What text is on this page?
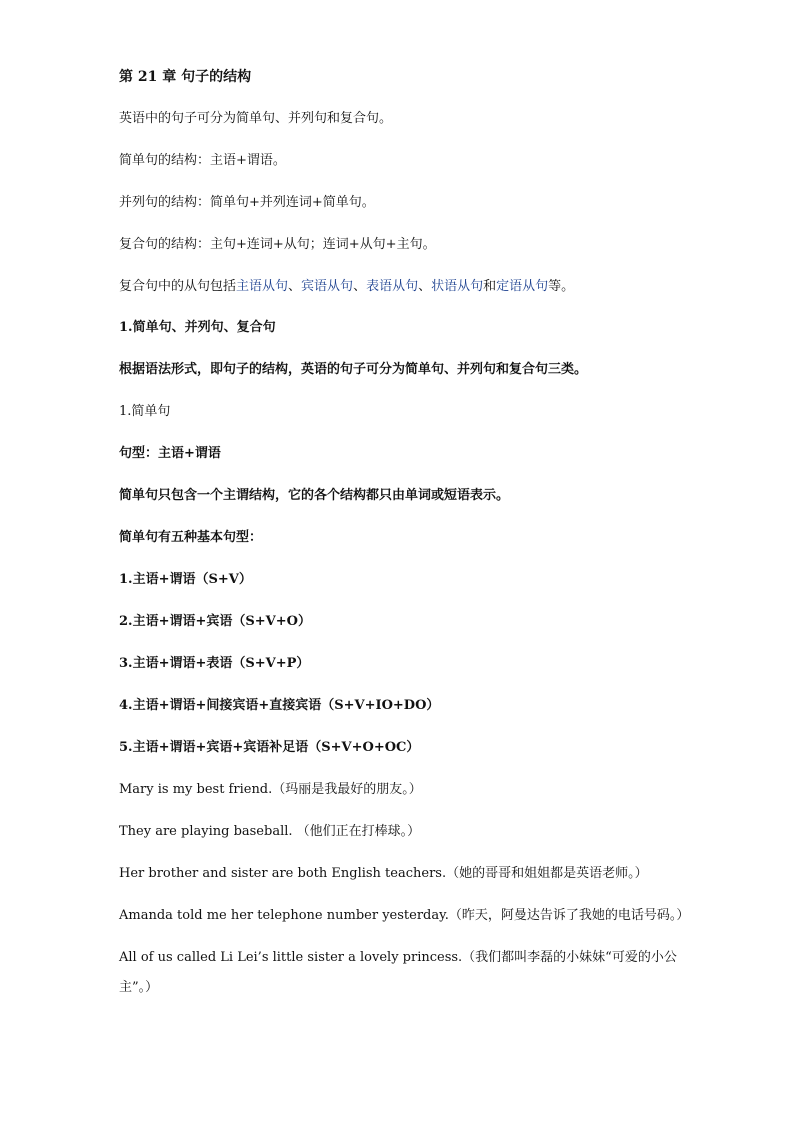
第 21 章 句子的结构
英语中的句子可分为简单句、并列句和复合句。
简单句的结构：主语+谓语。
并列句的结构：简单句+并列连词+简单句。
复合句的结构：主句+连词+从句；连词+从句+主句。
复合句中的从句包括主语从句、宾语从句、表语从句、状语从句和定语从句等。
1.简单句、并列句、复合句
根据语法形式，即句子的结构，英语的句子可分为简单句、并列句和复合句三类。
1.简单句
句型：主语+谓语
简单句只包含一个主谓结构，它的各个结构都只由单词或短语表示。
简单句有五种基本句型：
1.主语+谓语（S+V）
2.主语+谓语+宾语（S+V+O）
3.主语+谓语+表语（S+V+P）
4.主语+谓语+间接宾语+直接宾语（S+V+IO+DO）
5.主语+谓语+宾语+宾语补足语（S+V+O+OC）
Mary is my best friend.（玛丽是我最好的朋友。）
They are playing baseball. （他们正在打棒球。）
Her brother and sister are both English teachers.（她的哥哥和姐姐都是英语老师。）
Amanda told me her telephone number yesterday.（昨天，阿曼达告诉了我她的电话号码。）
All of us called Li Lei’s little sister a lovely princess.（我们都叫李磊的小妹妹“可爱的小公
主”。）
